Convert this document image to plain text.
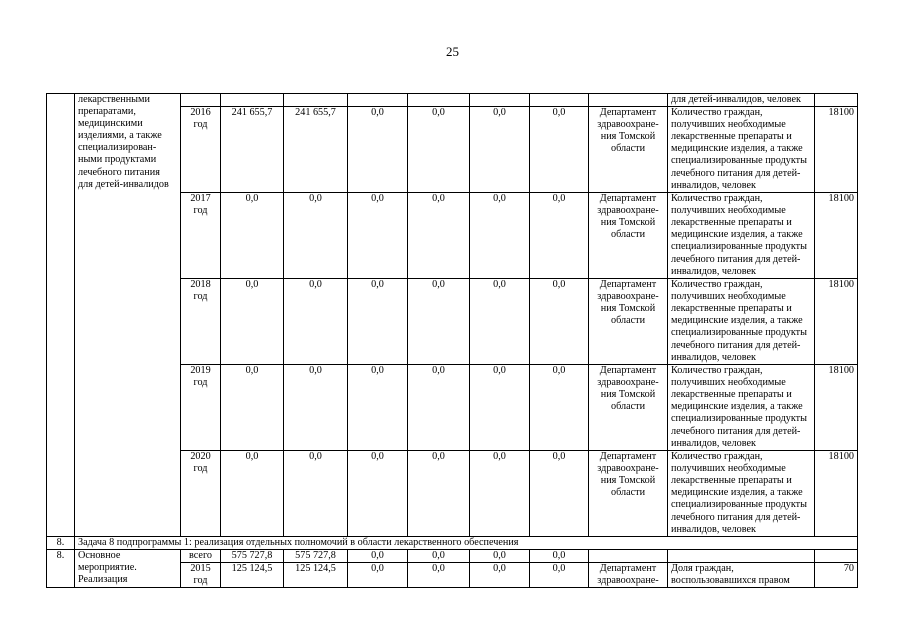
25
	лекарственными препаратами, медицинскими изделиями, а также специализирован-ными продуктами лечебного питания для детей-инвалидов									для детей-инвалидов, человек	
		2016 год	241 655,7	241 655,7	0,0	0,0	0,0	0,0	Департамент здравоохране-ния Томской области	Количество граждан, получивших необходимые лекарственные препараты и медицинские изделия, а также специализированные продукты лечебного питания для детей-инвалидов, человек	18100
		2017 год	0,0	0,0	0,0	0,0	0,0	0,0	Департамент здравоохране-ния Томской области	Количество граждан, получивших необходимые лекарственные препараты и медицинские изделия, а также специализированные продукты лечебного питания для детей-инвалидов, человек	18100
		2018 год	0,0	0,0	0,0	0,0	0,0	0,0	Департамент здравоохране-ния Томской области	Количество граждан, получивших необходимые лекарственные препараты и медицинские изделия, а также специализированные продукты лечебного питания для детей-инвалидов, человек	18100
		2019 год	0,0	0,0	0,0	0,0	0,0	0,0	Департамент здравоохране-ния Томской области	Количество граждан, получивших необходимые лекарственные препараты и медицинские изделия, а также специализированные продукты лечебного питания для детей-инвалидов, человек	18100
		2020 год	0,0	0,0	0,0	0,0	0,0	0,0	Департамент здравоохране-ния Томской области	Количество граждан, получивших необходимые лекарственные препараты и медицинские изделия, а также специализированные продукты лечебного питания для детей-инвалидов, человек	18100
8.	Задача 8 подпрограммы 1: реализация отдельных полномочий в области лекарственного обеспечения										
8.	Основное мероприятие. Реализация	всего	575 727,8	575 727,8	0,0	0,0	0,0	0,0			
		2015 год	125 124,5	125 124,5	0,0	0,0	0,0	0,0	Департамент здравоохране-	Доля граждан, воспользовавшихся правом	70
